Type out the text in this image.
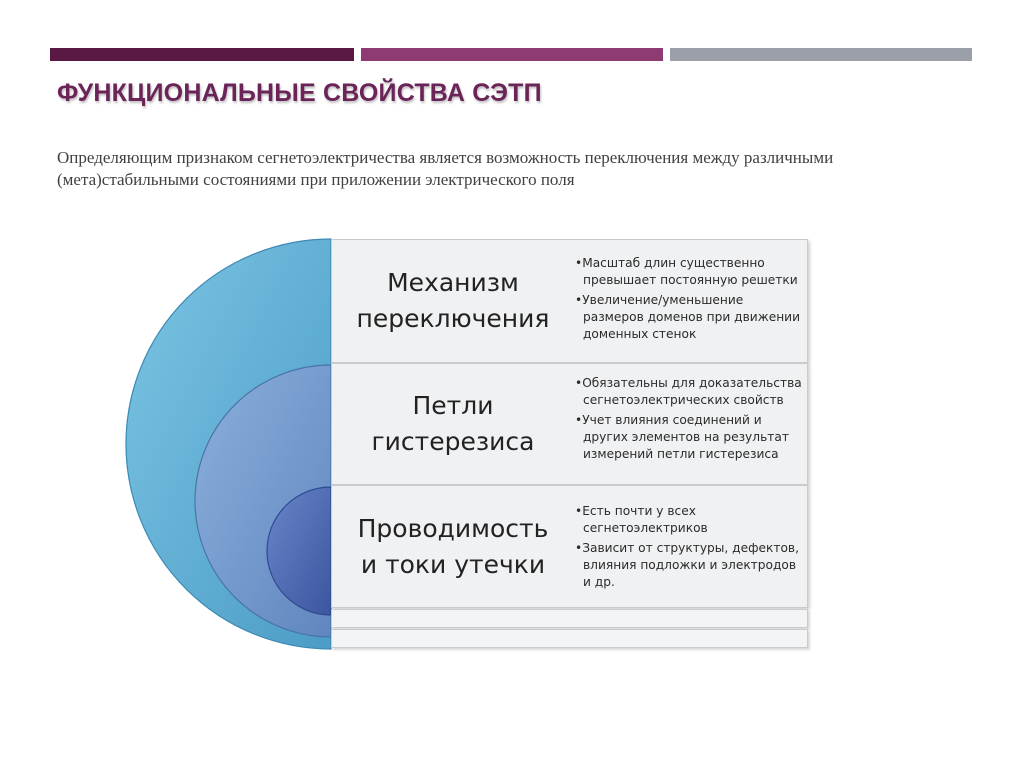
ФУНКЦИОНАЛЬНЫЕ СВОЙСТВА СЭТП

Определяющим признаком сегнетоэлектричества является возможность переключения между различными
(мета)стабильными состояниями при приложении электрического поля

Механизм
переключения
• Масштаб длин существенно превышает постоянную решетки
• Увеличение/уменьшение размеров доменов при движении доменных стенок
Петли
гистерезиса
• Обязательны для доказательства сегнетоэлектрических свойств
• Учет влияния соединений и других элементов на результат измерений петли гистерезиса
Проводимость
и токи утечки
• Есть почти у всех сегнетоэлектриков
• Зависит от структуры, дефектов, влияния подложки и электродов и др.
